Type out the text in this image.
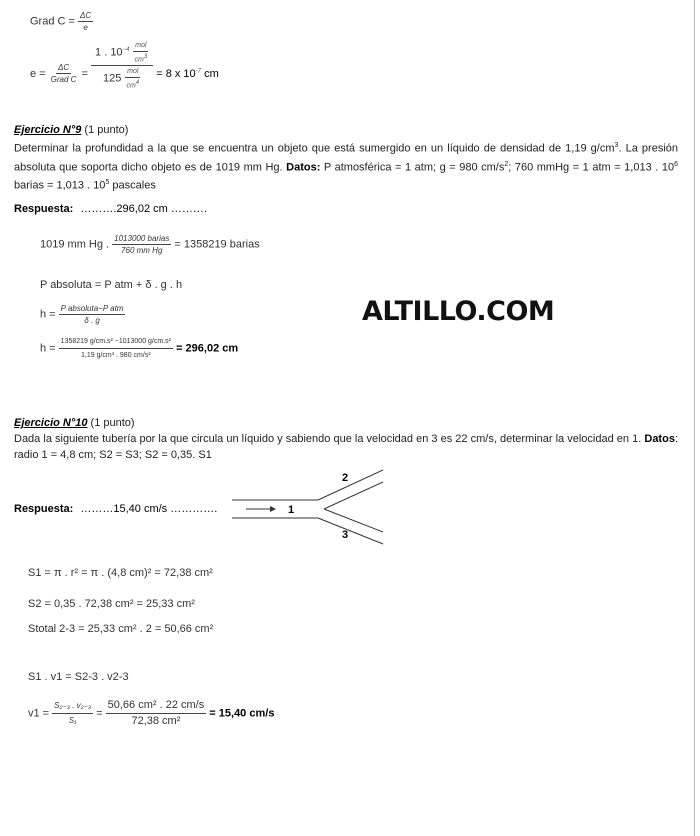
Grad $C = \frac{\Delta C}{e}$
$e = \frac{\Delta C}{\text{Grad C}} = \frac{1 . 10^{-4} \frac{\text{mol}}{cm^3}}{125 \frac{\text{mol}}{cm^4}} = 8$ x $10^{-7}$ cm
Ejercicio N°9 (1 punto)
Determinar la profundidad a la que se encuentra un objeto que está sumergido en un líquido de densidad de 1,19 $g/cm^3$. La presión absoluta que soporta dicho objeto es de 1019 mm Hg. Datos: P atmosférica = 1 atm; g = 980 $cm/s^2$; 760 mmHg = 1 atm = 1,013 . $10^6$ barias = 1,013 . $10^5$ pascales
Respuesta: ……….296,02 cm ……….
1019 mm Hg . $\frac{\text{1013000 barias}}{\text{760 mm Hg}} = 1358219$ barias
P absoluta = P atm + δ . g . h
$h = \frac{\text{P absoluta−P atm}}{\delta . g}$
$h = \frac{\text{1358219 g/cm.s² −1013000 g/cm.s²}}{\text{1,19 g/cm³ . 980 cm/s²}} = 296,02$ cm
ALTILLO.COM
Ejercicio N°10 (1 punto)
Dada la siguiente tubería por la que circula un líquido y sabiendo que la velocidad en 3 es 22 cm/s, determinar la velocidad en 1. Datos: radio 1 = 4,8 cm; S2 = S3; S2 = 0,35. S1
Respuesta: ………15,40 cm/s ………….	1
2
3
S1 = π . r² = π . (4,8 cm)² = 72,38 cm²
S2 = 0,35 . 72,38 cm² = 25,33 cm²
Stotal 2-3 = 25,33 cm² . 2 = 50,66 cm²
S1 . v1 = S2-3 . v2-3
$v1 = \frac{\text{S₂₋₃ . v₂₋₃}}{\text{S₁}} = \frac{\text{50,66 cm² . 22 cm/s}}{\text{72,38 cm²}} = 15,40$ cm/s
